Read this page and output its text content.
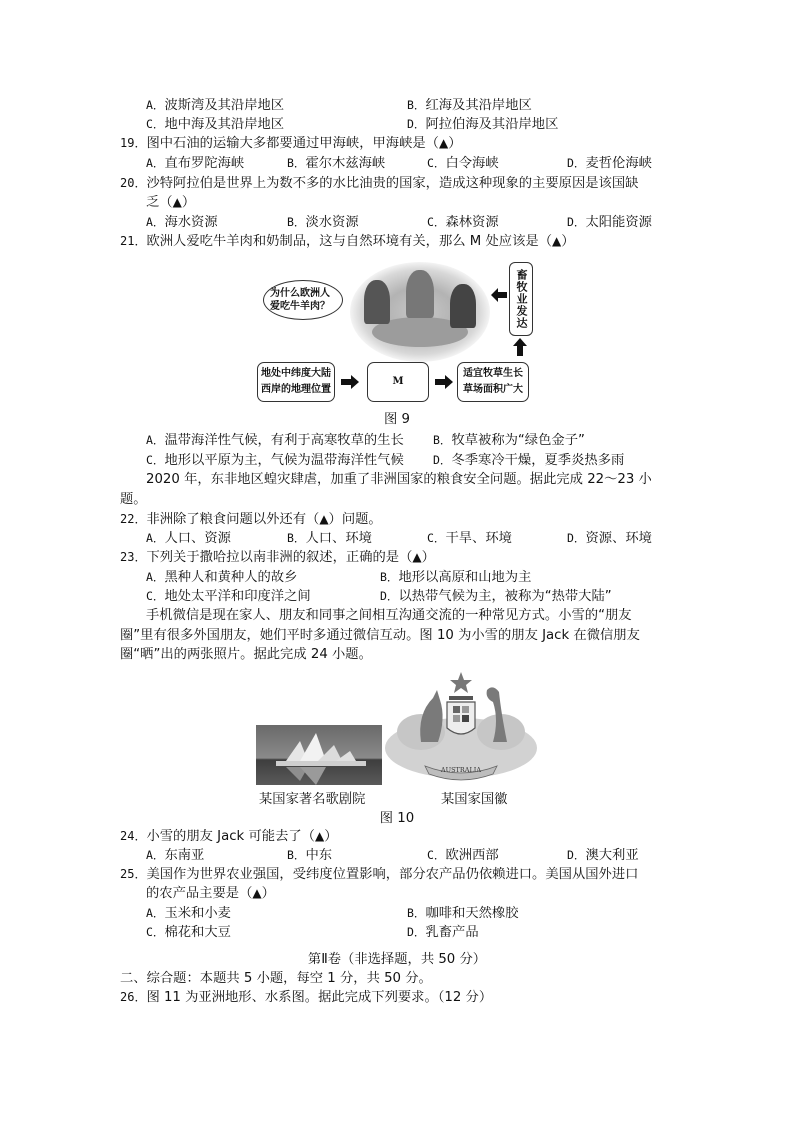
A．波斯湾及其沿岸地区	B．红海及其沿岸地区
C．地中海及其沿岸地区	D．阿拉伯海及其沿岸地区
19．图中石油的运输大多都要通过甲海峡，甲海峡是（▲）
A．直布罗陀海峡	B．霍尔木兹海峡	C．白令海峡	D．麦哲伦海峡
20．沙特阿拉伯是世界上为数不多的水比油贵的国家，造成这种现象的主要原因是该国缺
乏（▲）
A．海水资源	B．淡水资源	C．森林资源	D．太阳能资源
21．欧洲人爱吃牛羊肉和奶制品，这与自然环境有关，那么 M 处应该是（▲）
为什么欧洲人爱吃牛羊肉？	畜牧业发达
地处中纬度大陆
西岸的地理位置
M
适宜牧草生长
草场面积广大
图 9
A．温带海洋性气候，有利于高寒牧草的生长	B．牧草被称为“绿色金子”
C．地形以平原为主，气候为温带海洋性气候	D．冬季寒冷干燥，夏季炎热多雨
2020 年，东非地区蝗灾肆虐，加重了非洲国家的粮食安全问题。据此完成 22～23 小
题。
22．非洲除了粮食问题以外还有（▲）问题。
A．人口、资源	B．人口、环境	C．干旱、环境	D．资源、环境
23．下列关于撒哈拉以南非洲的叙述，正确的是（▲）
A．黑种人和黄种人的故乡	B．地形以高原和山地为主
C．地处太平洋和印度洋之间	D．以热带气候为主，被称为“热带大陆”
手机微信是现在家人、朋友和同事之间相互沟通交流的一种常见方式。小雪的“朋友
圈”里有很多外国朋友，她们平时多通过微信互动。图 10 为小雪的朋友 Jack 在微信朋友
圈“晒”出的两张照片。据此完成 24 小题。
AUSTRALIA
某国家著名歌剧院	某国家国徽
图 10
24．小雪的朋友 Jack 可能去了（▲）
A．东南亚	B．中东	C．欧洲西部	D．澳大利亚
25．美国作为世界农业强国，受纬度位置影响，部分农产品仍依赖进口。美国从国外进口
的农产品主要是（▲）
A．玉米和小麦	B．咖啡和天然橡胶
C．棉花和大豆	D．乳畜产品
第Ⅱ卷（非选择题，共 50 分）
二、综合题：本题共 5 小题，每空 1 分，共 50 分。
26．图 11 为亚洲地形、水系图。据此完成下列要求。（12 分）
